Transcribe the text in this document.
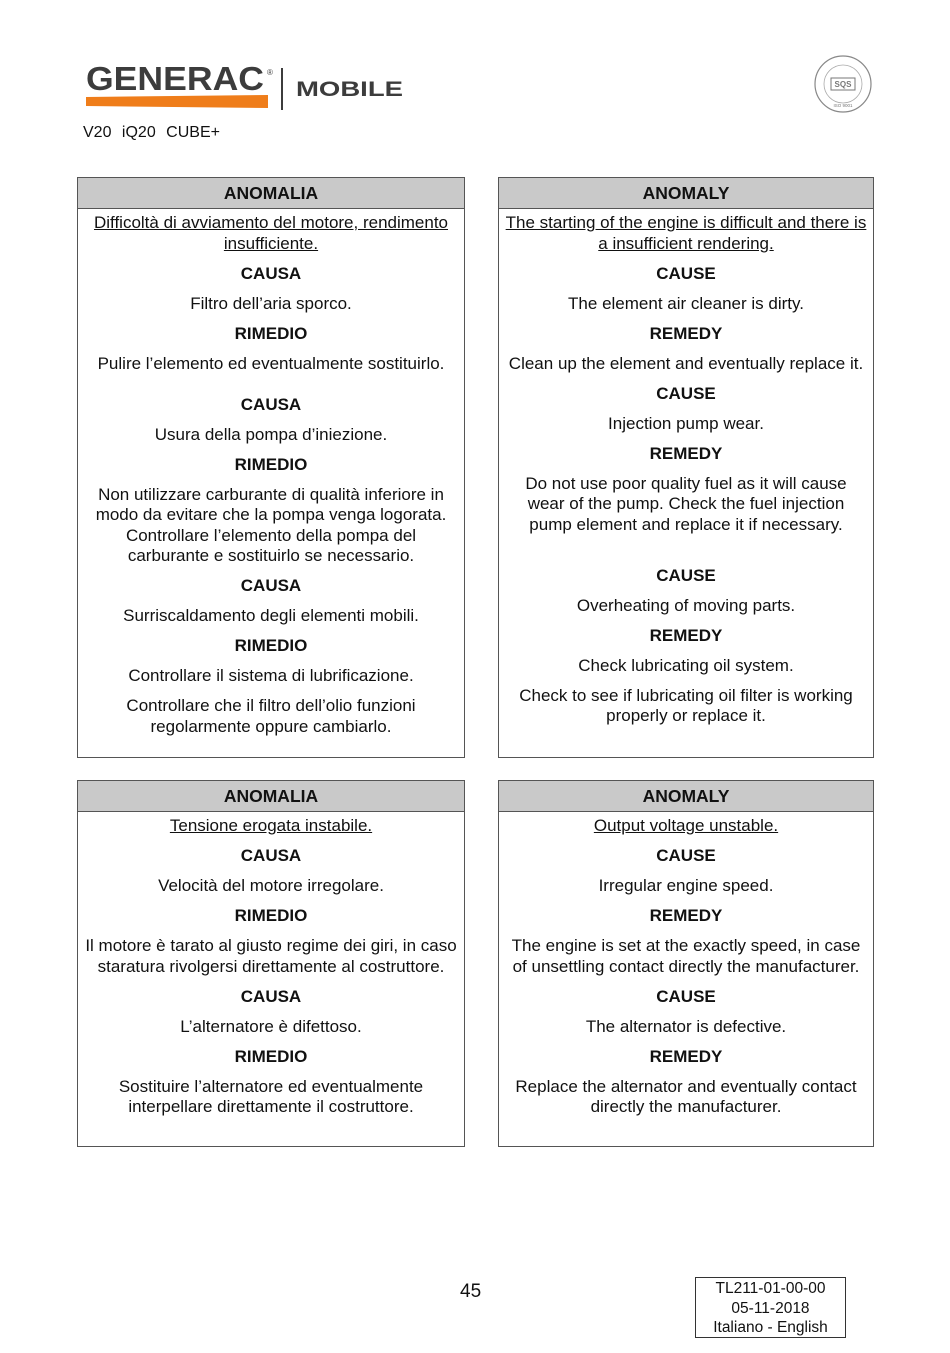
GENERAC ®
MOBILE
V20 iQ20 CUBE+
SQS
ISO 9001
ANOMALIA

Difficoltà di avviamento del motore, rendimento insufficiente.

CAUSA

Filtro dell’aria sporco.

RIMEDIO

Pulire l’elemento ed eventualmente sostituirlo.

CAUSA

Usura della pompa d’iniezione.

RIMEDIO

Non utilizzare carburante di qualità inferiore in modo da evitare che la pompa venga logorata. Controllare l’elemento della pompa del carburante e sostituirlo se necessario.

CAUSA

Surriscaldamento degli elementi mobili.

RIMEDIO

Controllare il sistema di lubrificazione.

Controllare che il filtro dell’olio funzioni regolarmente oppure cambiarlo.

ANOMALY

The starting of the engine is difficult and there is a insufficient rendering.

CAUSE

The element air cleaner is dirty.

REMEDY

Clean up the element and eventually replace it.

CAUSE

Injection pump wear.

REMEDY

Do not use poor quality fuel as it will cause wear of the pump. Check the fuel injection pump element and replace it if necessary.

CAUSE

Overheating of moving parts.

REMEDY

Check lubricating oil system.

Check to see if lubricating oil filter is working properly or replace it.

ANOMALIA

Tensione erogata instabile.

CAUSA

Velocità del motore irregolare.

RIMEDIO

Il motore è tarato al giusto regime dei giri, in caso staratura rivolgersi direttamente al costruttore.

CAUSA

L’alternatore è difettoso.

RIMEDIO

Sostituire l’alternatore ed eventualmente interpellare direttamente il costruttore.

ANOMALY

Output voltage unstable.

CAUSE

Irregular engine speed.

REMEDY

The engine is set at the exactly speed, in case of unsettling contact directly the manufacturer.

CAUSE

The alternator is defective.

REMEDY

Replace the alternator and eventually contact directly the manufacturer.

45	TL211-01-00-00
05-11-2018
Italiano - English
